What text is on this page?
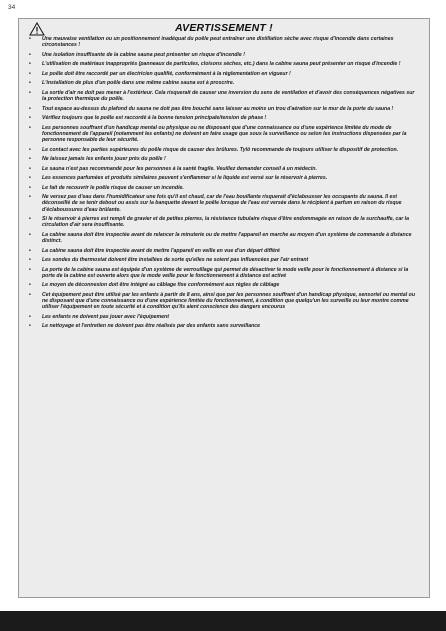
34
AVERTISSEMENT !
• Une mauvaise ventilation ou un positionnement inadéquat du poêle peut entraîner une distillation sèche avec risque d'incendie dans certaines circonstances !
• Une isolation insuffisante de la cabine sauna peut présenter un risque d'incendie !
• L'utilisation de matériaux inappropriés (panneaux de particules, cloisons sèches, etc.) dans la cabine sauna peut présenter un risque d'incendie !
• Le poêle doit être raccordé par un électricien qualifié, conformément à la réglementation en vigueur !
• L'installation de plus d'un poêle dans une même cabine sauna est à proscrire.
• La sortie d'air ne doit pas mener à l'extérieur. Cela risquerait de causer une inversion du sens de ventilation et d'avoir des conséquences négatives sur la protection thermique du poêle.
• Tout espace au-dessus du plafond du sauna ne doit pas être bouché sans laisser au moins un trou d'aération sur le mur de la porte du sauna !
• Vérifiez toujours que le poêle est raccordé à la bonne tension principale/tension de phase !
• Les personnes souffrant d'un handicap mental ou physique ou ne disposant que d'une connaissance ou d'une expérience limitée du mode de fonctionnement de l'appareil (notamment les enfants) ne doivent en faire usage que sous la surveillance ou selon les instructions dispensées par la personne responsable de leur sécurité.
• Le contact avec les parties supérieures du poêle risque de causer des brûlures. Tylö recommande de toujours utiliser le dispositif de protection.
• Ne laissez jamais les enfants jouer près du poêle !
• Le sauna n'est pas recommandé pour les personnes à la santé fragile. Veuillez demander conseil à un médecin.
• Les essences parfumées et produits similaires peuvent s'enflammer si le liquide est versé sur le réservoir à pierres.
• Le fait de recouvrir le poêle risque de causer un incendie.
• Ne versez pas d'eau dans l'humidificateur une fois qu'il est chaud, car de l'eau bouillante risquerait d'éclabousser les occupants du sauna. Il est déconseillé de se tenir debout ou assis sur la banquette devant le poêle lorsque de l'eau est versée dans le récipient à parfum en raison du risque d'éclaboussures d'eau brûlante.
• Si le réservoir à pierres est rempli de gravier et de petites pierres, la résistance tubulaire risque d'être endommagée en raison de la surchauffe, car la circulation d'air sera insuffisante.
• La cabine sauna doit être inspectée avant de relancer la minuterie ou de mettre l'appareil en marche au moyen d'un système de commande à distance distinct.
• La cabine sauna doit être inspectée avant de mettre l'appareil en veille en vue d'un départ différé
• Les sondes du thermostat doivent être installées de sorte qu'elles ne soient pas influencées par l'air entrant
• La porte de la cabine sauna est équipée d'un système de verrouillage qui permet de désactiver le mode veille pour le fonctionnement à distance si la porte de la cabine est ouverte alors que le mode veille pour le fonctionnement à distance est activé
• Le moyen de déconnexion doit être intégré au câblage fixe conformément aux règles de câblage
• Cet équipement peut être utilisé par les enfants à partir de 8 ans, ainsi que par les personnes souffrant d'un handicap physique, sensoriel ou mental ou ne disposant que d'une connaissance ou d'une expérience limitée du fonctionnement, à condition que quelqu'un les surveille ou leur montre comme utiliser l'équipement en toute sécurité et à condition qu'ils aient conscience des dangers encourus
• Les enfants ne doivent pas jouer avec l'équipement
• Le nettoyage et l'entretien ne doivent pas être réalisés par des enfants sans surveillance
